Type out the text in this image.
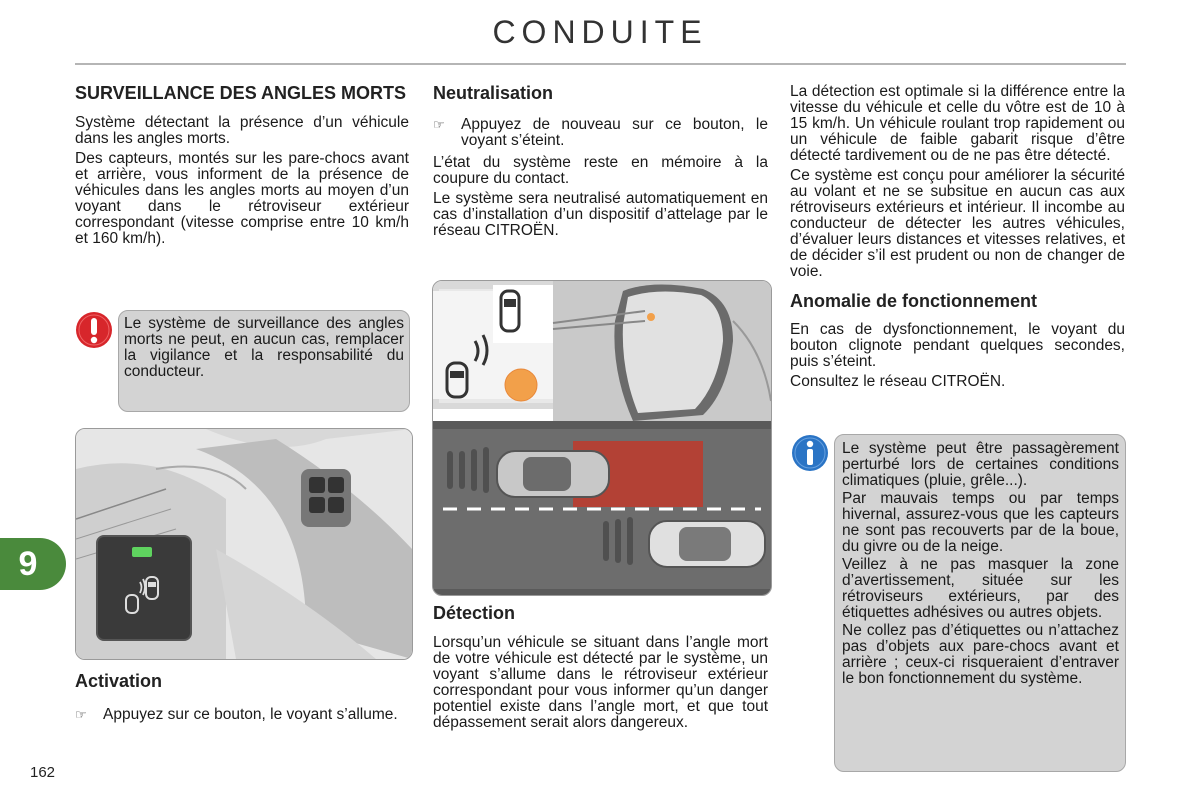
CONDUITE
9
162
SURVEILLANCE DES ANGLES MORTS

Système détectant la présence d’un véhicule dans les angles morts.

Des capteurs, montés sur les pare-chocs avant et arrière, vous informent de la présence de véhicules dans les angles morts au moyen d’un voyant dans le rétroviseur extérieur correspondant (vitesse comprise entre 10 km/h et 160 km/h).

Le système de surveillance des angles morts ne peut, en aucun cas, remplacer la vigilance et la responsabilité du conducteur.
Activation
☞	Appuyez sur ce bouton, le voyant s’allume.
Neutralisation
☞	Appuyez de nouveau sur ce bouton, le voyant s’éteint.

L’état du système reste en mémoire à la coupure du contact.

Le système sera neutralisé automatiquement en cas d’installation d’un dispositif d’attelage par le réseau CITROËN.

Détection

Lorsqu’un véhicule se situant dans l’angle mort de votre véhicule est détecté par le système, un voyant s’allume dans le rétroviseur extérieur correspondant pour vous informer qu’un danger potentiel existe dans l’angle mort, et que tout dépassement serait alors dangereux.

La détection est optimale si la différence entre la vitesse du véhicule et celle du vôtre est de 10 à 15 km/h. Un véhicule roulant trop rapidement ou un véhicule de faible gabarit risque d’être détecté tardivement ou de ne pas être détecté.

Ce système est conçu pour améliorer la sécurité au volant et ne se subsitue en aucun cas aux rétroviseurs extérieurs et intérieur. Il incombe au conducteur de détecter les autres véhicules, d’évaluer leurs distances et vitesses relatives, et de décider s’il est prudent ou non de changer de voie.

Anomalie de fonctionnement

En cas de dysfonctionnement, le voyant du bouton clignote pendant quelques secondes, puis s’éteint.

Consultez le réseau CITROËN.

Le système peut être passagèrement perturbé lors de certaines conditions climatiques (pluie, grêle...).

Par mauvais temps ou par temps hivernal, assurez-vous que les capteurs ne sont pas recouverts par de la boue, du givre ou de la neige.

Veillez à ne pas masquer la zone d’avertissement, située sur les rétroviseurs extérieurs, par des étiquettes adhésives ou autres objets.

Ne collez pas d’étiquettes ou n’attachez pas d’objets aux pare-chocs avant et arrière ; ceux-ci risqueraient d’entraver le bon fonctionnement du système.
